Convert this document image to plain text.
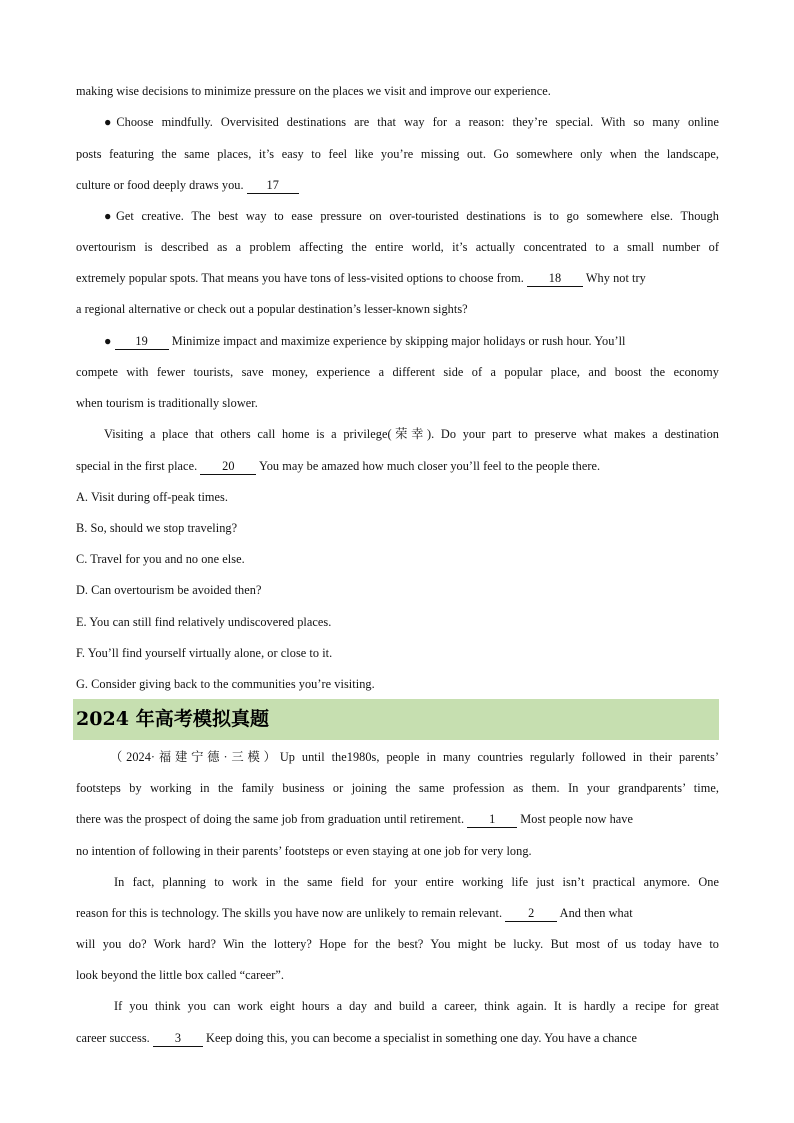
making wise decisions to minimize pressure on the places we visit and improve our experience.
●Choose mindfully. Overvisited destinations are that way for a reason: they’re special. With so many online
posts featuring the same places, it’s easy to feel like you’re missing out. Go somewhere only when the landscape,
culture or food deeply draws you. 17
●Get creative. The best way to ease pressure on over-touristed destinations is to go somewhere else. Though
overtourism is described as a problem affecting the entire world, it’s actually concentrated to a small number of
extremely popular spots. That means you have tons of less-visited options to choose from. 18 Why not try
a regional alternative or check out a popular destination’s lesser-known sights?
● 19 Minimize impact and maximize experience by skipping major holidays or rush hour. You’ll
compete with fewer tourists, save money, experience a different side of a popular place, and boost the economy
when tourism is traditionally slower.
Visiting a place that others call home is a privilege(荣幸). Do your part to preserve what makes a destination
special in the first place. 20 You may be amazed how much closer you’ll feel to the people there.
A. Visit during off-peak times.
B. So, should we stop traveling?
C. Travel for you and no one else.
D. Can overtourism be avoided then?
E. You can still find relatively undiscovered places.
F. You’ll find yourself virtually alone, or close to it.
G. Consider giving back to the communities you’re visiting.
2024 年高考模拟真题
（2024·福建宁德·三模）Up until the1980s, people in many countries regularly followed in their parents’
footsteps by working in the family business or joining the same profession as them. In your grandparents’ time,
there was the prospect of doing the same job from graduation until retirement. 1 Most people now have
no intention of following in their parents’ footsteps or even staying at one job for very long.
In fact, planning to work in the same field for your entire working life just isn’t practical anymore. One
reason for this is technology. The skills you have now are unlikely to remain relevant. 2 And then what
will you do? Work hard? Win the lottery? Hope for the best? You might be lucky. But most of us today have to
look beyond the little box called “career”.
If you think you can work eight hours a day and build a career, think again. It is hardly a recipe for great
career success. 3 Keep doing this, you can become a specialist in something one day. You have a chance
